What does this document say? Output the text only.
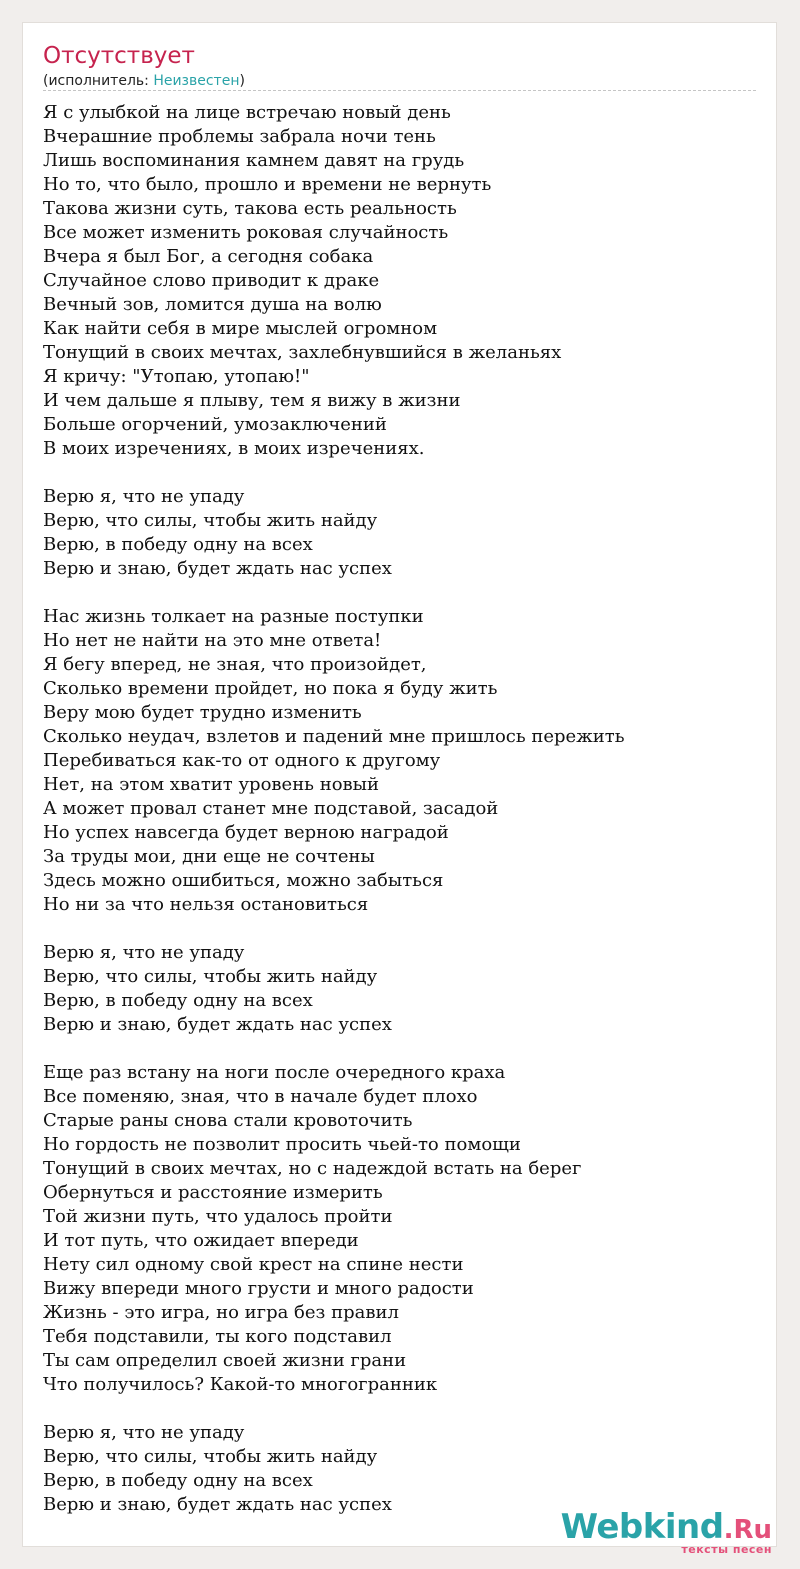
Отсутствует
(исполнитель: Неизвестен)
Я с улыбкой на лице встречаю новый день
Вчерашние проблемы забрала ночи тень
Лишь воспоминания камнем давят на грудь
Но то, что было, прошло и времени не вернуть
Такова жизни суть, такова есть реальность
Все может изменить роковая случайность
Вчера я был Бог, а сегодня собака
Случайное слово приводит к драке
Вечный зов, ломится душа на волю
Как найти себя в мире мыслей огромном
Тонущий в своих мечтах, захлебнувшийся в желаньях
Я кричу: "Утопаю, утопаю!"
И чем дальше я плыву, тем я вижу в жизни
Больше огорчений, умозаключений
В моих изречениях, в моих изречениях.
Верю я, что не упаду
Верю, что силы, чтобы жить найду
Верю, в победу одну на всех
Верю и знаю, будет ждать нас успех
Нас жизнь толкает на разные поступки
Но нет не найти на это мне ответа!
Я бегу вперед, не зная, что произойдет,
Сколько времени пройдет, но пока я буду жить
Веру мою будет трудно изменить
Сколько неудач, взлетов и падений мне пришлось пережить
Перебиваться как-то от одного к другому
Нет, на этом хватит уровень новый
А может провал станет мне подставой, засадой
Но успех навсегда будет верною наградой
За труды мои, дни еще не сочтены
Здесь можно ошибиться, можно забыться
Но ни за что нельзя остановиться
Верю я, что не упаду
Верю, что силы, чтобы жить найду
Верю, в победу одну на всех
Верю и знаю, будет ждать нас успех
Еще раз встану на ноги после очередного краха
Все поменяю, зная, что в начале будет плохо
Старые раны снова стали кровоточить
Но гордость не позволит просить чьей-то помощи
Тонущий в своих мечтах, но с надеждой встать на берег
Обернуться и расстояние измерить
Той жизни путь, что удалось пройти
И тот путь, что ожидает впереди
Нету сил одному свой крест на спине нести
Вижу впереди много грусти и много радости
Жизнь - это игра, но игра без правил
Тебя подставили, ты кого подставил
Ты сам определил своей жизни грани
Что получилось? Какой-то многогранник
Верю я, что не упаду
Верю, что силы, чтобы жить найду
Верю, в победу одну на всех
Верю и знаю, будет ждать нас успех
Webkind.Ru
тексты песен
